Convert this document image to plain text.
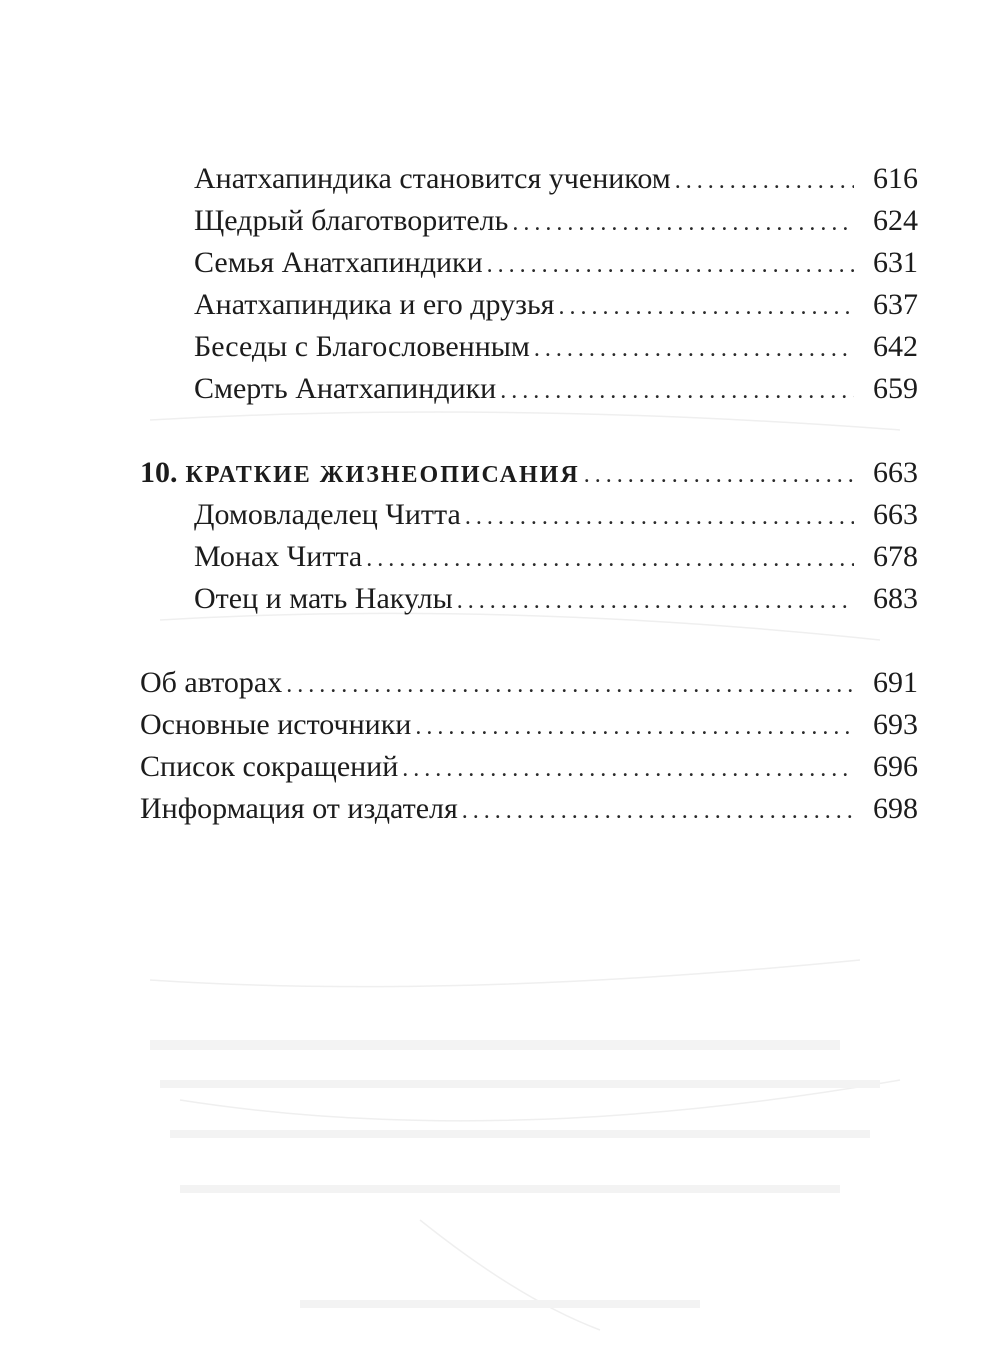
Анатхапиндика становится учеником . . .	616
Щедрый благотворитель . . .	624
Семья Анатхапиндики . . .	631
Анатхапиндика и его друзья . . .	637
Беседы с Благословенным . . .	642
Смерть Анатхапиндики . . .	659
10. КРАТКИЕ ЖИЗНЕОПИСАНИЯ . . .	663
Домовладелец Читта . . .	663
Монах Читта . . .	678
Отец и мать Накулы . . .	683
Об авторах . . .	691
Основные источники . . .	693
Список сокращений . . .	696
Информация от издателя . . .	698
